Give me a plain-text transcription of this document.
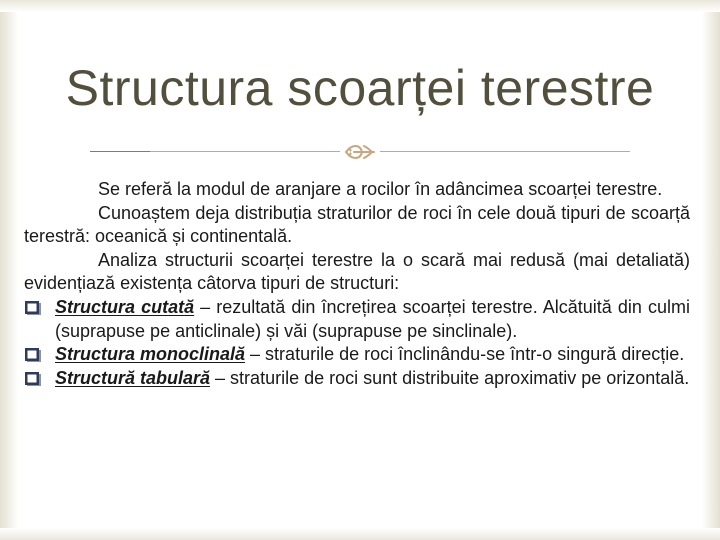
Structura scoarței terestre

Se referă la modul de aranjare a rocilor în adâncimea scoarței terestre.

Cunoaștem deja distribuția straturilor de roci în cele două tipuri de scoarță terestră: oceanică și continentală.

Analiza structurii scoarței terestre la o scară mai redusă (mai detaliată) evidențiază existența câtorva tipuri de structuri:

Structura cutată – rezultată din încrețirea scoarței terestre. Alcătuită din culmi (suprapuse pe anticlinale) și văi (suprapuse pe sinclinale).

Structura monoclinală – straturile de roci înclinându-se într-o singură direcție.

Structură tabulară – straturile de roci sunt distribuite aproximativ pe orizontală.
